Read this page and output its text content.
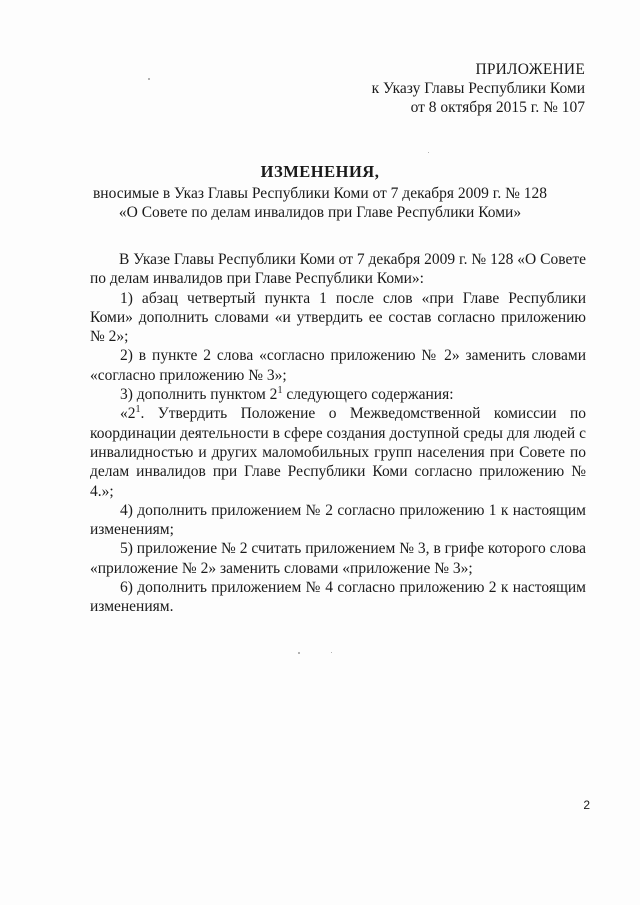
ПРИЛОЖЕНИЕ
к Указу Главы Республики Коми
от 8 октября 2015 г. № 107
ИЗМЕНЕНИЯ,
вносимые в Указ Главы Республики Коми от 7 декабря 2009 г. № 128
«О Совете по делам инвалидов при Главе Республики Коми»

В Указе Главы Республики Коми от 7 декабря 2009 г. № 128 «О Совете по делам инвалидов при Главе Республики Коми»:

1) абзац четвертый пункта 1 после слов «при Главе Республики Коми» дополнить словами «и утвердить ее состав согласно приложению № 2»;

2) в пункте 2 слова «согласно приложению № 2» заменить словами «согласно приложению № 3»;

3) дополнить пунктом $2^1$ следующего содержания:

«$2^1$. Утвердить Положение о Межведомственной комиссии по координации деятельности в сфере создания доступной среды для людей с инвалидностью и других маломобильных групп населения при Совете по делам инвалидов при Главе Республики Коми согласно приложению № 4.»;

4) дополнить приложением № 2 согласно приложению 1 к настоящим изменениям;

5) приложение № 2 считать приложением № 3, в грифе которого слова «приложение № 2» заменить словами «приложение № 3»;

6) дополнить приложением № 4 согласно приложению 2 к настоящим изменениям.

2
